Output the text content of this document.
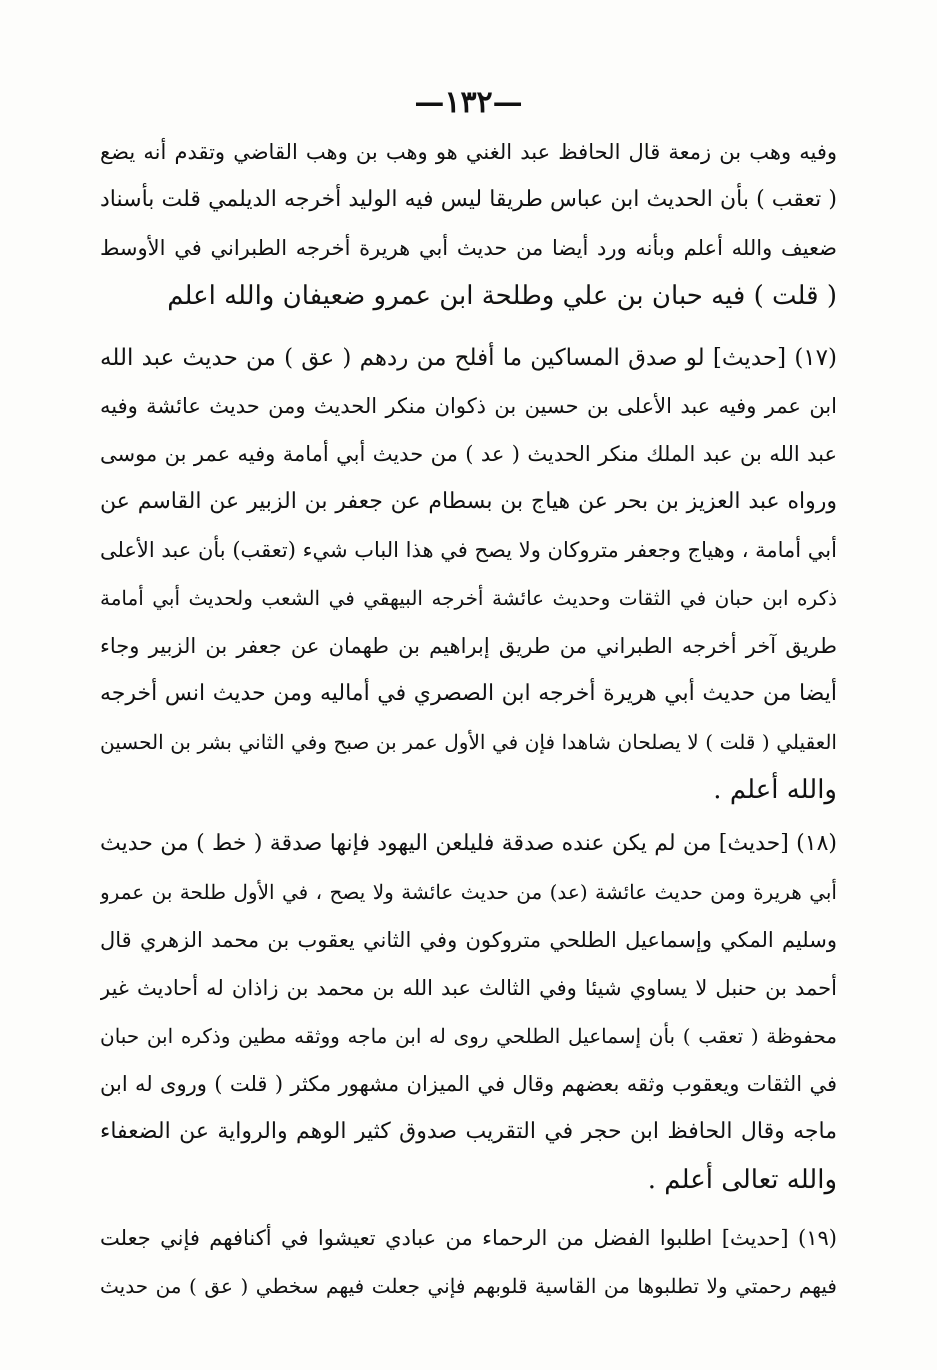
—١٣٢—
وفيه وهب بن زمعة قال الحافظ عبد الغني هو وهب بن وهب القاضي وتقدم أنه يضع
( تعقب ) بأن الحديث ابن عباس طريقا ليس فيه الوليد أخرجه الديلمي قلت بأسناد
ضعيف والله أعلم وبأنه ورد أيضا من حديث أبي هريرة أخرجه الطبراني في الأوسط
( قلت ) فيه حبان بن علي وطلحة ابن عمرو ضعيفان والله اعلم
(١٧) [حديث] لو صدق المساكين ما أفلح من ردهم ( عق ) من حديث عبد الله
ابن عمر وفيه عبد الأعلى بن حسين بن ذكوان منكر الحديث ومن حديث عائشة وفيه
عبد الله بن عبد الملك منكر الحديث ( عد ) من حديث أبي أمامة وفيه عمر بن موسى
ورواه عبد العزيز بن بحر عن هياج بن بسطام عن جعفر بن الزبير عن القاسم عن
أبي أمامة ، وهياج وجعفر متروكان ولا يصح في هذا الباب شيء (تعقب) بأن عبد الأعلى
ذكره ابن حبان في الثقات وحديث عائشة أخرجه البيهقي في الشعب ولحديث أبي أمامة
طريق آخر أخرجه الطبراني من طريق إبراهيم بن طهمان عن جعفر بن الزبير وجاء
أيضا من حديث أبي هريرة أخرجه ابن الصصري في أماليه ومن حديث انس أخرجه
العقيلي ( قلت ) لا يصلحان شاهدا فإن في الأول عمر بن صبح وفي الثاني بشر بن الحسين
والله أعلم .
(١٨) [حديث] من لم يكن عنده صدقة فليلعن اليهود فإنها صدقة ( خط ) من حديث
أبي هريرة ومن حديث عائشة (عد) من حديث عائشة ولا يصح ، في الأول طلحة بن عمرو
وسليم المكي وإسماعيل الطلحي متروكون وفي الثاني يعقوب بن محمد الزهري قال
أحمد بن حنبل لا يساوي شيئا وفي الثالث عبد الله بن محمد بن زاذان له أحاديث غير
محفوظة ( تعقب ) بأن إسماعيل الطلحي روى له ابن ماجه ووثقه مطين وذكره ابن حبان
في الثقات ويعقوب وثقه بعضهم وقال في الميزان مشهور مكثر ( قلت ) وروى له ابن
ماجه وقال الحافظ ابن حجر في التقريب صدوق كثير الوهم والرواية عن الضعفاء
والله تعالى أعلم .
(١٩) [حديث] اطلبوا الفضل من الرحماء من عبادي تعيشوا في أكنافهم فإني جعلت
فيهم رحمتي ولا تطلبوها من القاسية قلوبهم فإني جعلت فيهم سخطي ( عق ) من حديث
